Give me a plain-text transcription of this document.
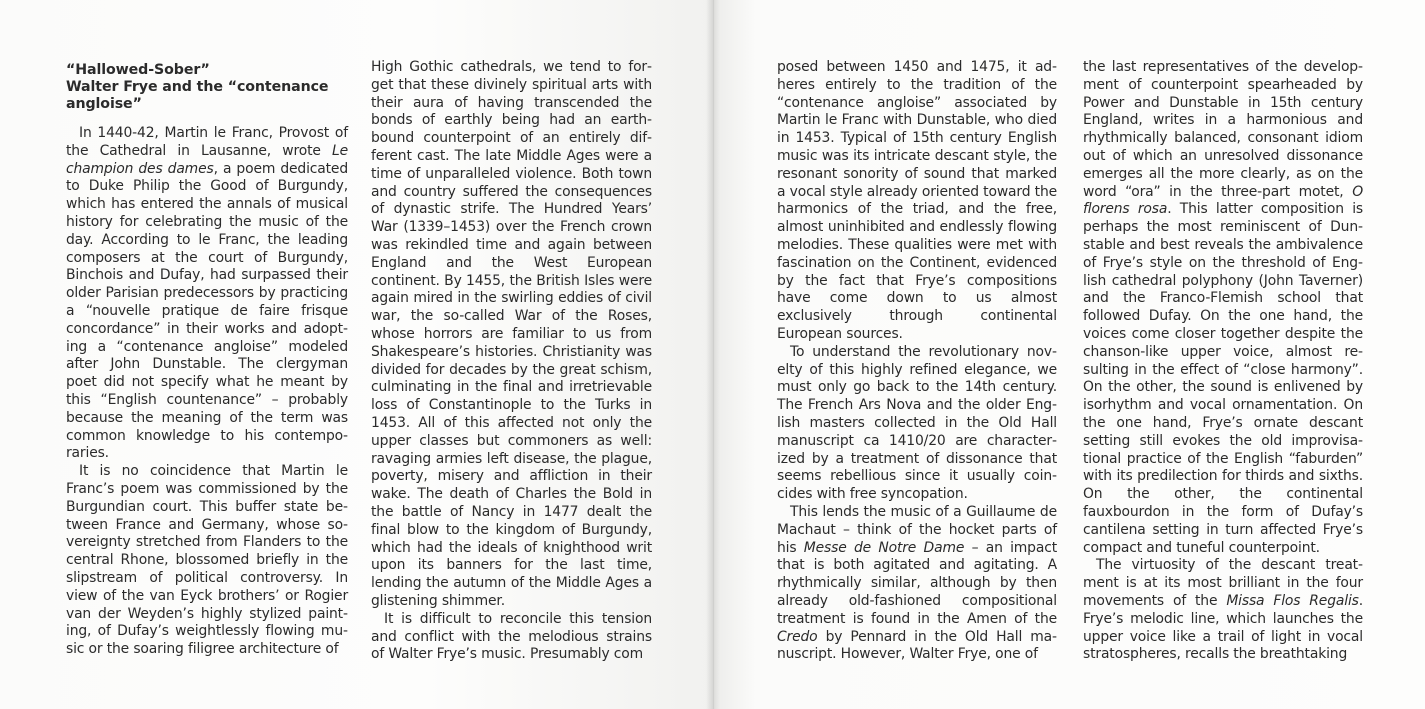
“Hallowed-Sober”
Walter Frye and the “contenance angloise”

In 1440-42, Martin le Franc, Provost of the Cathedral in Lausanne, wrote Le champion des dames, a poem dedicated to Duke Philip the Good of Burgundy, which has entered the annals of musical history for celebrating the music of the day. According to le Franc, the leading composers at the court of Burgundy, Binchois and Dufay, had surpassed their older Parisian predecessors by practicing a “nouvelle pratique de faire frisque concordance” in their works and adopting a “contenance angloise” modeled after John Dunstable. The clergyman poet did not specify what he meant by this “English countenance” – probably because the meaning of the term was common knowledge to his contemporaries.

It is no coincidence that Martin le Franc’s poem was commissioned by the Burgundian court. This buffer state between France and Germany, whose sovereignty stretched from Flanders to the central Rhone, blossomed briefly in the slipstream of political controversy. In view of the van Eyck brothers’ or Rogier van der Weyden’s highly stylized painting, of Dufay’s weightlessly flowing music or the soaring filigree architecture of

High Gothic cathedrals, we tend to forget that these divinely spiritual arts with their aura of having transcended the bonds of earthly being had an earthbound counterpoint of an entirely different cast. The late Middle Ages were a time of unparalleled violence. Both town and country suffered the consequences of dynastic strife. The Hundred Years’ War (1339–1453) over the French crown was rekindled time and again between England and the West European continent. By 1455, the British Isles were again mired in the swirling eddies of civil war, the so-called War of the Roses, whose horrors are familiar to us from Shakespeare’s histories. Christianity was divided for decades by the great schism, culminating in the final and irretrievable loss of Constantinople to the Turks in 1453. All of this affected not only the upper classes but commoners as well: ravaging armies left disease, the plague, poverty, misery and affliction in their wake. The death of Charles the Bold in the battle of Nancy in 1477 dealt the final blow to the kingdom of Burgundy, which had the ideals of knighthood writ upon its banners for the last time, lending the autumn of the Middle Ages a glistening shimmer.

It is difficult to reconcile this tension and conflict with the melodious strains of Walter Frye’s music. Presumably com

posed between 1450 and 1475, it adheres entirely to the tradition of the “contenance angloise” associated by Martin le Franc with Dunstable, who died in 1453. Typical of 15th century English music was its intricate descant style, the resonant sonority of sound that marked a vocal style already oriented toward the harmonics of the triad, and the free, almost uninhibited and endlessly flowing melodies. These qualities were met with fascination on the Continent, evidenced by the fact that Frye’s compositions have come down to us almost exclusively through continental European sources.

To understand the revolutionary novelty of this highly refined elegance, we must only go back to the 14th century. The French Ars Nova and the older English masters collected in the Old Hall manuscript ca 1410/20 are characterized by a treatment of dissonance that seems rebellious since it usually coincides with free syncopation.

This lends the music of a Guillaume de Machaut – think of the hocket parts of his Messe de Notre Dame – an impact that is both agitated and agitating. A rhythmically similar, although by then already old-fashioned compositional treatment is found in the Amen of the Credo by Pennard in the Old Hall manuscript. However, Walter Frye, one of

the last representatives of the development of counterpoint spearheaded by Power and Dunstable in 15th century England, writes in a harmonious and rhythmically balanced, consonant idiom out of which an unresolved dissonance emerges all the more clearly, as on the word “ora” in the three-part motet, O florens rosa. This latter composition is perhaps the most reminiscent of Dunstable and best reveals the ambivalence of Frye’s style on the threshold of English cathedral polyphony (John Taverner) and the Franco-Flemish school that followed Dufay. On the one hand, the voices come closer together despite the chanson-like upper voice, almost resulting in the effect of “close harmony”. On the other, the sound is enlivened by isorhythm and vocal ornamentation. On the one hand, Frye’s ornate descant setting still evokes the old improvisational practice of the English “faburden” with its predilection for thirds and sixths. On the other, the continental fauxbourdon in the form of Dufay’s cantilena setting in turn affected Frye’s compact and tuneful counterpoint.

The virtuosity of the descant treatment is at its most brilliant in the four movements of the Missa Flos Regalis. Frye’s melodic line, which launches the upper voice like a trail of light in vocal stratospheres, recalls the breathtaking
